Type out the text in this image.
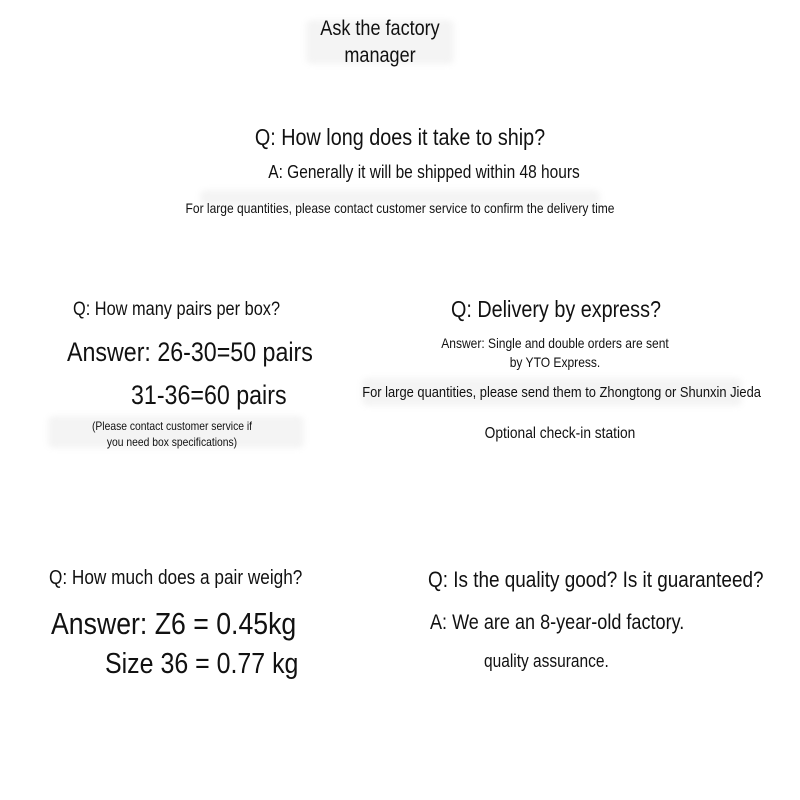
Ask the factory
manager
Q: How long does it take to ship?
A: Generally it will be shipped within 48 hours
For large quantities, please contact customer service to confirm the delivery time
Q: How many pairs per box?
Answer: 26-30=50 pairs
31-36=60 pairs
(Please contact customer service if
you need box specifications)
Q: Delivery by express?
Answer: Single and double orders are sent
by YTO Express.
For large quantities, please send them to Zhongtong or Shunxin Jieda
Optional check-in station
Q: How much does a pair weigh?
Answer: Z6 = 0.45kg
Size 36 = 0.77 kg
Q: Is the quality good? Is it guaranteed?
A: We are an 8-year-old factory.
quality assurance.
